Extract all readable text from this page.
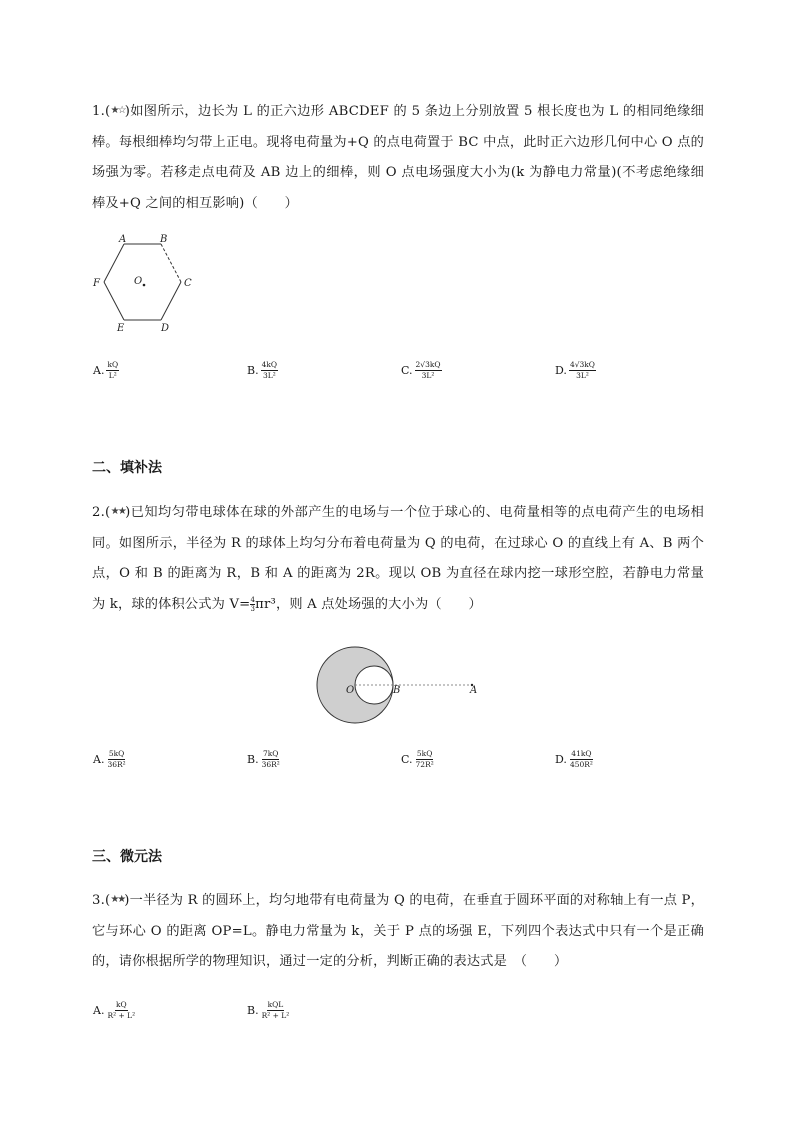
1.(★☆)如图所示，边长为 L 的正六边形 ABCDEF 的 5 条边上分别放置 5 根长度也为 L 的相同绝缘细棒。每根细棒均匀带上正电。现将电荷量为+Q 的点电荷置于 BC 中点，此时正六边形几何中心 O 点的场强为零。若移走点电荷及 AB 边上的细棒，则 O 点电场强度大小为(k 为静电力常量)(不考虑绝缘细棒及+Q 之间的相互影响)（　　）
A	B
C
D
E
F	O
A. $\frac{kQ}{\text{L²}}$	B. $\frac{4kQ}{\text{3L²}}$	C. $\frac{2√3kQ}{\text{3L²}}$	D. $\frac{4√3kQ}{\text{3L²}}$
二、填补法
2.(★★)已知均匀带电球体在球的外部产生的电场与一个位于球心的、电荷量相等的点电荷产生的电场相同。如图所示，半径为 R 的球体上均匀分布着电荷量为 Q 的电荷，在过球心 O 的直线上有 A、B 两个点，O 和 B 的距离为 R，B 和 A 的距离为 2R。现以 OB 为直径在球内挖一球形空腔，若静电力常量为 k，球的体积公式为 $V= \frac{4}{3} \pi r^3$，则 A 点处场强的大小为（　　）
O	B	A
A. $\frac{5kQ}{\text{36R²}}$	B. $\frac{7kQ}{\text{36R²}}$	C. $\frac{5kQ}{\text{72R²}}$	D. $\frac{41kQ}{\text{450R²}}$
三、微元法
3.(★★)一半径为 R 的圆环上，均匀地带有电荷量为 Q 的电荷，在垂直于圆环平面的对称轴上有一点 P，它与环心 O 的距离 OP=L。静电力常量为 k，关于 P 点的场强 E，下列四个表达式中只有一个是正确的，请你根据所学的物理知识，通过一定的分析，判断正确的表达式是　（　　）
A. $\frac{kQ}{\text{R² + L²}}$	B. $\frac{\text{kQL}}{\text{R² + L²}}$
